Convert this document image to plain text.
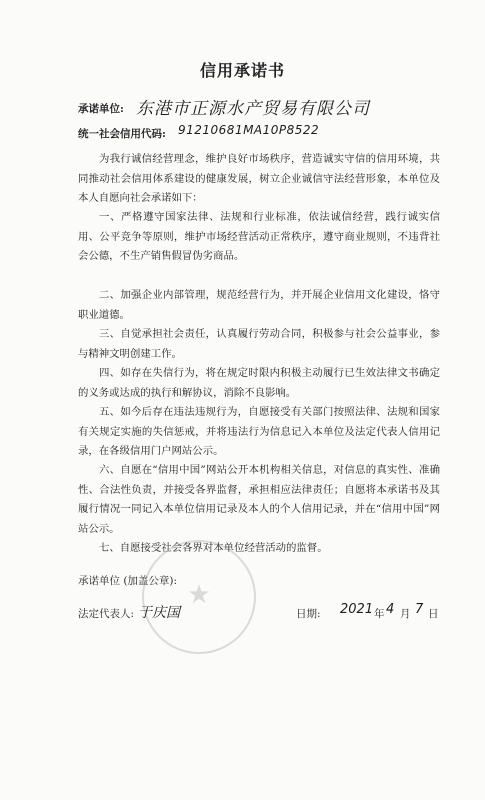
信用承诺书
承诺单位: 东港市正源水产贸易有限公司
统一社会信用代码: 91210681MA10P8522

为我行诚信经营理念，维护良好市场秩序，营造诚实守信的信用环境，共同推动社会信用体系建设的健康发展，树立企业诚信守法经营形象，本单位及本人自愿向社会承诺如下：

一、严格遵守国家法律、法规和行业标准，依法诚信经营，践行诚实信用、公平竞争等原则，维护市场经营活动正常秩序，遵守商业规则，不违背社会公德，不生产销售假冒伪劣商品。

二、加强企业内部管理，规范经营行为，并开展企业信用文化建设，恪守职业道德。

三、自觉承担社会责任，认真履行劳动合同，积极参与社会公益事业，参与精神文明创建工作。

四、如存在失信行为，将在规定时限内积极主动履行已生效法律文书确定的义务或达成的执行和解协议，消除不良影响。

五、如今后存在违法违规行为，自愿接受有关部门按照法律、法规和国家有关规定实施的失信惩戒，并将违法行为信息记入本单位及法定代表人信用记录，在各级信用门户网站公示。

六、自愿在“信用中国”网站公开本机构相关信息，对信息的真实性、准确性、合法性负责，并接受各界监督，承担相应法律责任；自愿将本承诺书及其履行情况一同记入本单位信用记录及本人的个人信用记录，并在“信用中国”网站公示。

七、自愿接受社会各界对本单位经营活动的监督。

★
承诺单位 (加盖公章):
法定代表人: 于庆国	日期: 2021 年 4 月 7 日
